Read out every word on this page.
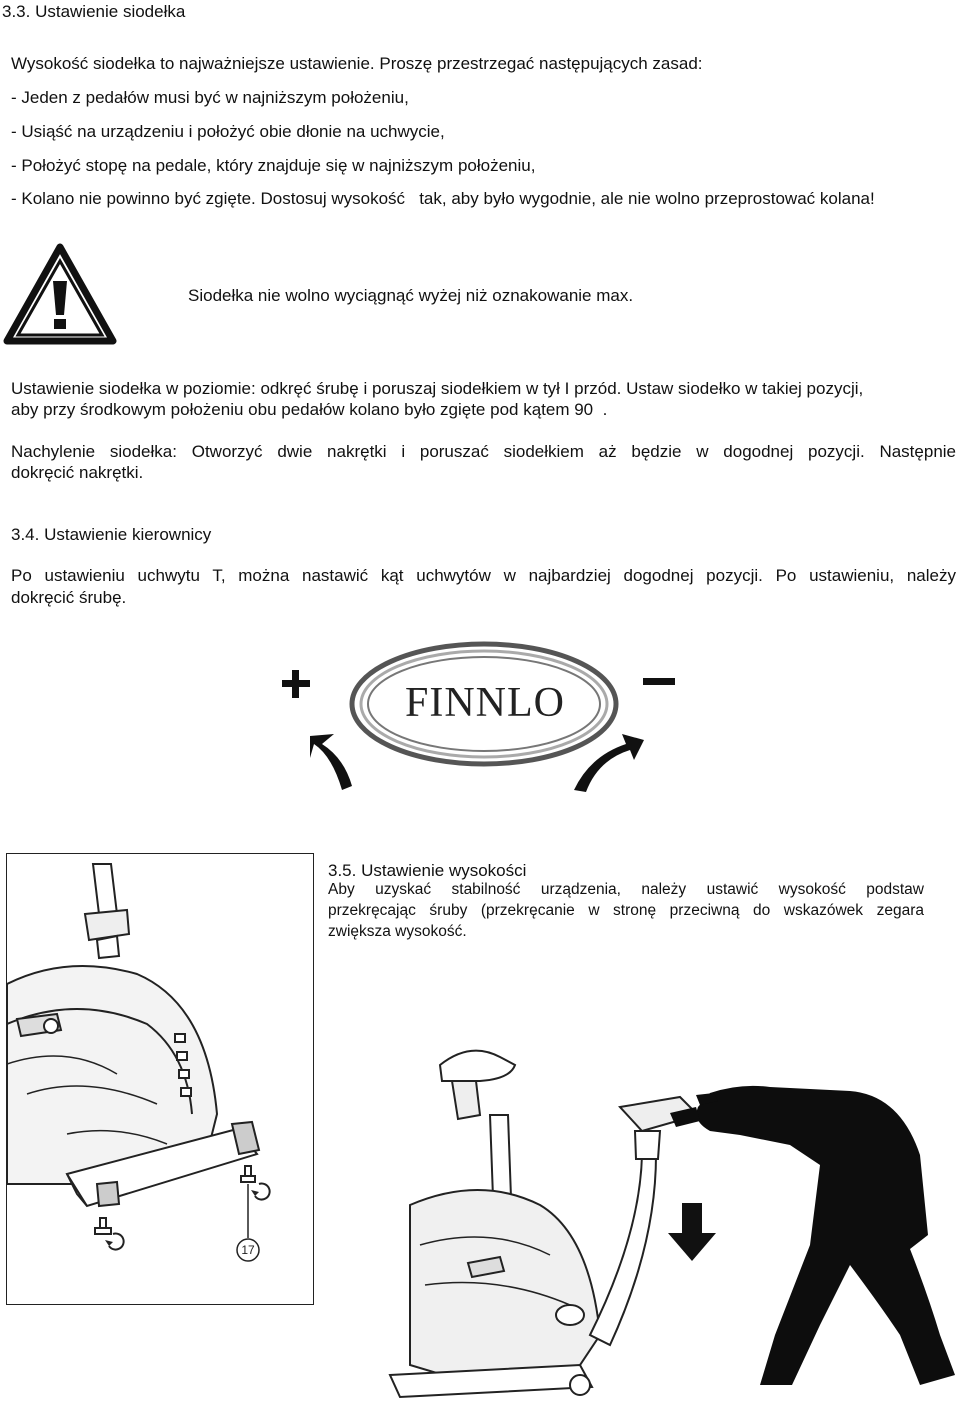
3.3. Ustawienie siodełka
Wysokość siodełka to najważniejsze ustawienie. Proszę przestrzegać następujących zasad:
- Jeden z pedałów musi być w najniższym położeniu,
- Usiąść na urządzeniu i położyć obie dłonie na uchwycie,
- Położyć stopę na pedale, który znajduje się w najniższym położeniu,
- Kolano nie powinno być zgięte. Dostosuj wysokość   tak, aby było wygodnie, ale nie wolno przeprostować kolana!
Siodełka nie wolno wyciągnąć wyżej niż oznakowanie max.
Ustawienie siodełka w poziomie: odkręć śrubę i poruszaj siodełkiem w tył I przód. Ustaw siodełko w takiej pozycji,
aby przy środkowym położeniu obu pedałów kolano było zgięte pod kątem 90  .
Nachylenie siodełka: Otworzyć dwie nakrętki i poruszać siodełkiem aż będzie w dogodnej pozycji. Następnie
dokręcić nakrętki.
3.4. Ustawienie kierownicy
Po ustawieniu uchwytu T, można nastawić kąt uchwytów w najbardziej dogodnej pozycji. Po ustawieniu, należy
dokręcić śrubę.
FINNLO
17
3.5. Ustawienie wysokości
Aby uzyskać stabilność urządzenia, należy ustawić wysokość podstaw
przekręcając śruby (przekręcanie w stronę przeciwną do wskazówek zegara
zwiększa wysokość.
